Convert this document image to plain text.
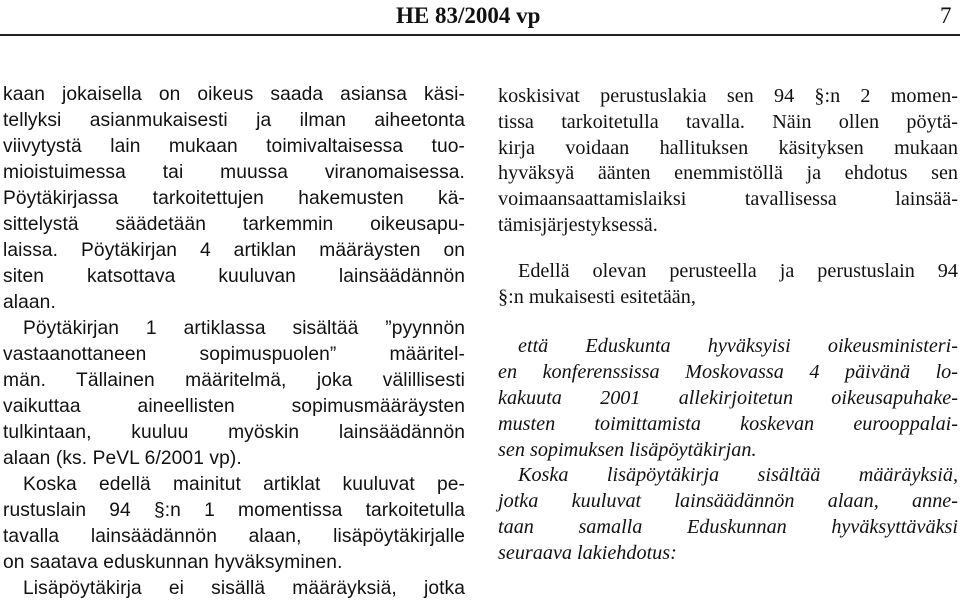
HE 83/2004 vp	7
kaan jokaisella on oikeus saada asiansa käsi-
tellyksi asianmukaisesti ja ilman aiheetonta
viivytystä lain mukaan toimivaltaisessa tuo-
mioistuimessa tai muussa viranomaisessa.
Pöytäkirjassa tarkoitettujen hakemusten kä-
sittelystä säädetään tarkemmin oikeusapu-
laissa. Pöytäkirjan 4 artiklan määräysten on
siten katsottava kuuluvan lainsäädännön
alaan.
Pöytäkirjan 1 artiklassa sisältää ”pyynnön
vastaanottaneen sopimuspuolen” määritel-
män. Tällainen määritelmä, joka välillisesti
vaikuttaa aineellisten sopimusmääräysten
tulkintaan, kuuluu myöskin lainsäädännön
alaan (ks. PeVL 6/2001 vp).
Koska edellä mainitut artiklat kuuluvat pe-
rustuslain 94 §:n 1 momentissa tarkoitetulla
tavalla lainsäädännön alaan, lisäpöytäkirjalle
on saatava eduskunnan hyväksyminen.
Lisäpöytäkirja ei sisällä määräyksiä, jotka
koskisivat perustuslakia sen 94 §:n 2 momen-
tissa tarkoitetulla tavalla. Näin ollen pöytä-
kirja voidaan hallituksen käsityksen mukaan
hyväksyä äänten enemmistöllä ja ehdotus sen
voimaansaattamislaiksi tavallisessa lainsää-
tämisjärjestyksessä.
Edellä olevan perusteella ja perustuslain 94
§:n mukaisesti esitetään,
että Eduskunta hyväksyisi oikeusministeri-
en konferenssissa Moskovassa 4 päivänä lo-
kakuuta 2001 allekirjoitetun oikeusapuhake-
musten toimittamista koskevan eurooppalai-
sen sopimuksen lisäpöytäkirjan.
Koska lisäpöytäkirja sisältää määräyksiä,
jotka kuuluvat lainsäädännön alaan, anne-
taan samalla Eduskunnan hyväksyttäväksi
seuraava lakiehdotus:
